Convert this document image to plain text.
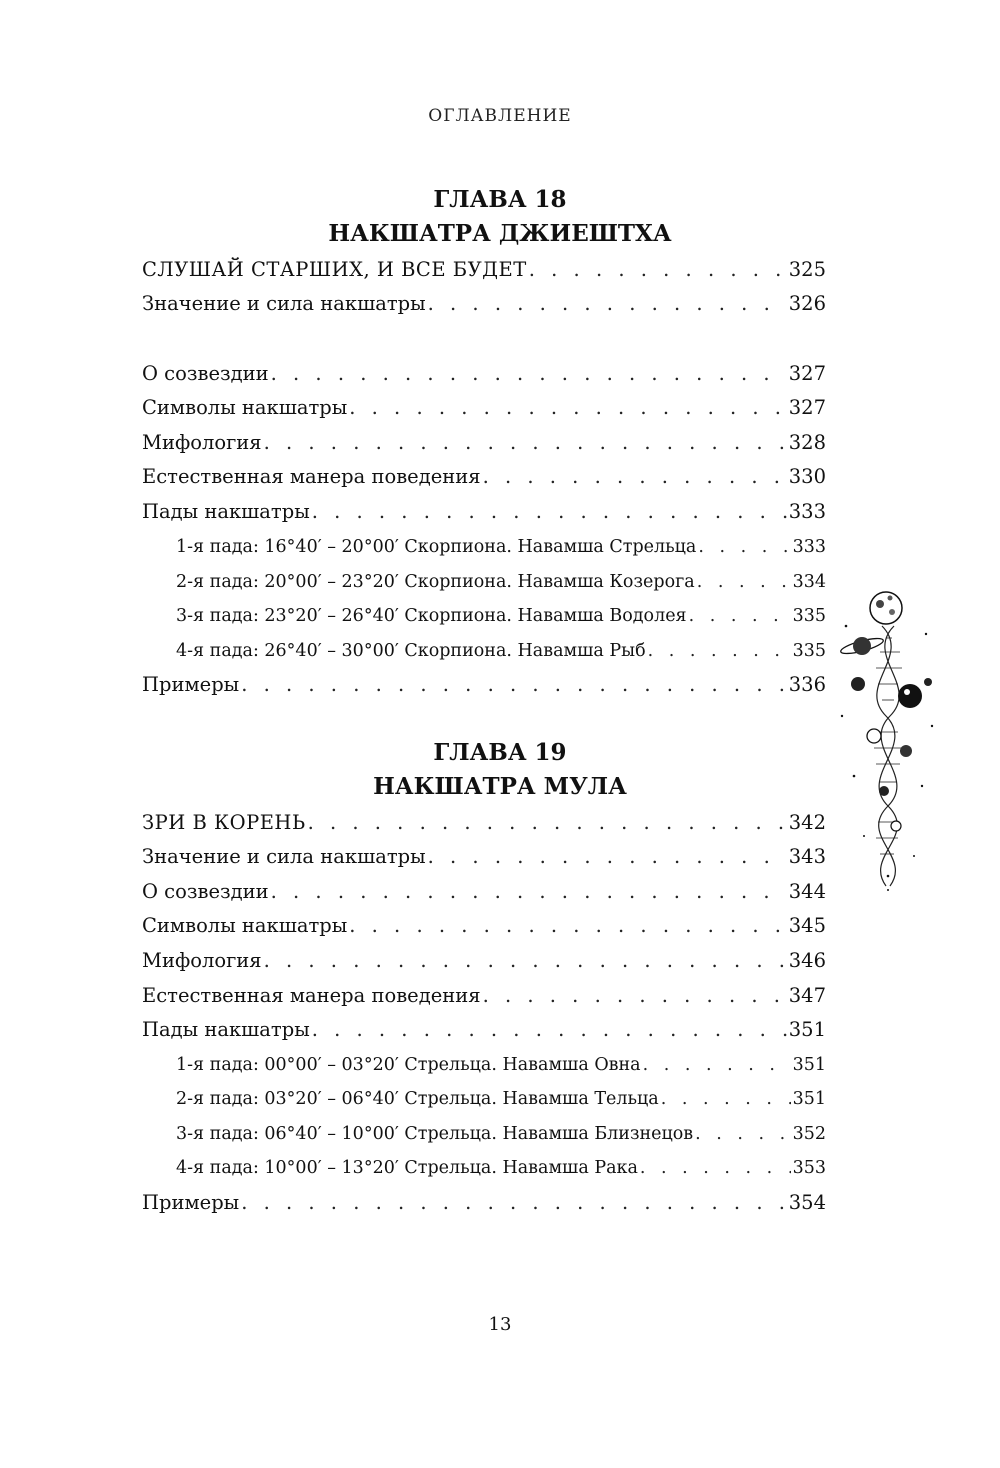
ОГЛАВЛЕНИЕ
ГЛАВА 18
НАКШАТРА ДЖИЕШТХА
СЛУШАЙ СТАРШИХ, И ВСЕ БУДЕТ . . .	325
Значение и сила накшатры . . .	326
О созвездии . . .	327
Символы накшатры . . .	327
Мифология . . .	328
Естественная манера поведения . . .	330
Пады накшатры . . .	333
1-я пада: 16°40′ – 20°00′ Скорпиона. Навамша Стрельца . . .	333
2-я пада: 20°00′ – 23°20′ Скорпиона. Навамша Козерога . . .	334
3-я пада: 23°20′ – 26°40′ Скорпиона. Навамша Водолея . . .	335
4-я пада: 26°40′ – 30°00′ Скорпиона. Навамша Рыб . . .	335
Примеры . . .	336
ГЛАВА 19
НАКШАТРА МУЛА
ЗРИ В КОРЕНЬ . . .	342
Значение и сила накшатры . . .	343
О созвездии . . .	344
Символы накшатры . . .	345
Мифология . . .	346
Естественная манера поведения . . .	347
Пады накшатры . . .	351
1-я пада: 00°00′ – 03°20′ Стрельца. Навамша Овна . . .	351
2-я пада: 03°20′ – 06°40′ Стрельца. Навамша Тельца . . .	351
3-я пада: 06°40′ – 10°00′ Стрельца. Навамша Близнецов . . .	352
4-я пада: 10°00′ – 13°20′ Стрельца. Навамша Рака . . .	353
Примеры . . .	354
13
